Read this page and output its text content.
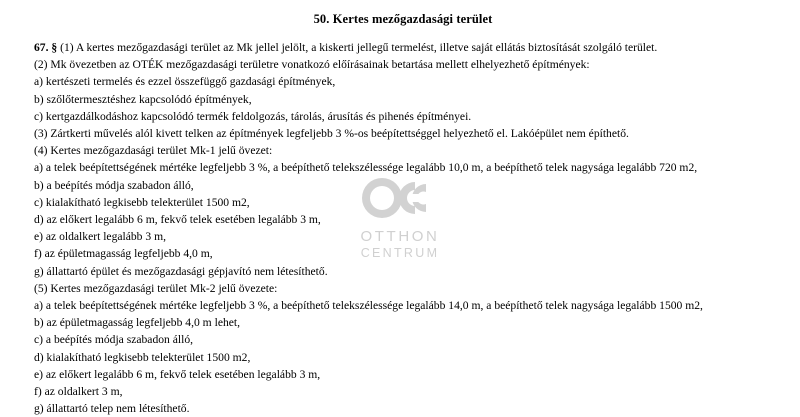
50. Kertes mezőgazdasági terület
OTTHON
CENTRUM

67. § (1) A kertes mezőgazdasági terület az Mk jellel jelölt, a kiskerti jellegű termelést, illetve saját ellátás biztosítását szolgáló terület.

(2) Mk övezetben az OTÉK mezőgazdasági területre vonatkozó előírásainak betartása mellett elhelyezhető építmények:

a) kertészeti termelés és ezzel összefüggő gazdasági építmények,

b) szőlőtermesztéshez kapcsolódó építmények,

c) kertgazdálkodáshoz kapcsolódó termék feldolgozás, tárolás, árusítás és pihenés építményei.

(3) Zártkerti művelés alól kivett telken az építmények legfeljebb 3 %-os beépítettséggel helyezhető el. Lakóépület nem építhető.

(4) Kertes mezőgazdasági terület Mk-1 jelű övezet:

a) a telek beépítettségének mértéke legfeljebb 3 %, a beépíthető telekszélessége legalább 10,0 m, a beépíthető telek nagysága legalább 720 m2,

b) a beépítés módja szabadon álló,

c) kialakítható legkisebb telekterület 1500 m2,

d) az előkert legalább 6 m, fekvő telek esetében legalább 3 m,

e) az oldalkert legalább 3 m,

f) az épületmagasság legfeljebb 4,0 m,

g) állattartó épület és mezőgazdasági gépjavító nem létesíthető.

(5) Kertes mezőgazdasági terület Mk-2 jelű övezete:

a) a telek beépítettségének mértéke legfeljebb 3 %, a beépíthető telekszélessége legalább 14,0 m, a beépíthető telek nagysága legalább 1500 m2,

b) az épületmagasság legfeljebb 4,0 m lehet,

c) a beépítés módja szabadon álló,

d) kialakítható legkisebb telekterület 1500 m2,

e) az előkert legalább 6 m, fekvő telek esetében legalább 3 m,

f) az oldalkert 3 m,

g) állattartó telep nem létesíthető.
